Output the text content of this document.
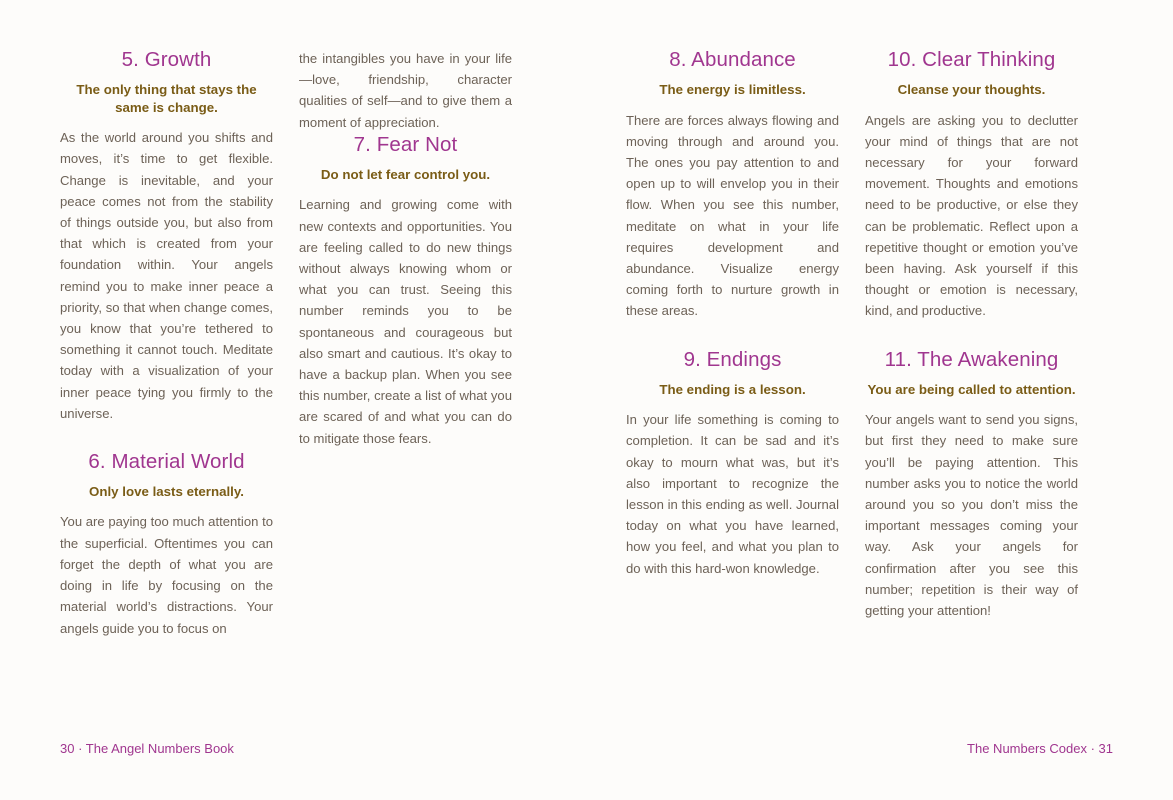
5. Growth
The only thing that stays the same is change.

As the world around you shifts and moves, it’s time to get flexible. Change is inevitable, and your peace comes not from the stability of things outside you, but also from that which is created from your foundation within. Your angels remind you to make inner peace a priority, so that when change comes, you know that you’re tethered to something it cannot touch. Meditate today with a visualization of your inner peace tying you firmly to the universe.

6. Material World
Only love lasts eternally.

You are paying too much attention to the superficial. Oftentimes you can forget the depth of what you are doing in life by focusing on the material world’s distractions. Your angels guide you to focus on

the intangibles you have in your life—love, friendship, character qualities of self—and to give them a moment of appreciation.

7. Fear Not
Do not let fear control you.

Learning and growing come with new contexts and opportunities. You are feeling called to do new things without always knowing whom or what you can trust. Seeing this number reminds you to be spontaneous and courageous but also smart and cautious. It’s okay to have a backup plan. When you see this number, create a list of what you are scared of and what you can do to mitigate those fears.

30 · The Angel Numbers Book
8. Abundance
The energy is limitless.

There are forces always flowing and moving through and around you. The ones you pay attention to and open up to will envelop you in their flow. When you see this number, meditate on what in your life requires development and abundance. Visualize energy coming forth to nurture growth in these areas.

9. Endings
The ending is a lesson.

In your life something is coming to completion. It can be sad and it’s okay to mourn what was, but it’s also important to recognize the lesson in this ending as well. Journal today on what you have learned, how you feel, and what you plan to do with this hard-won knowledge.

10. Clear Thinking
Cleanse your thoughts.

Angels are asking you to declutter your mind of things that are not necessary for your forward movement. Thoughts and emotions need to be productive, or else they can be problematic. Reflect upon a repetitive thought or emotion you’ve been having. Ask yourself if this thought or emotion is necessary, kind, and productive.

11. The Awakening
You are being called to attention.

Your angels want to send you signs, but first they need to make sure you’ll be paying attention. This number asks you to notice the world around you so you don’t miss the important messages coming your way. Ask your angels for confirmation after you see this number; repetition is their way of getting your attention!

The Numbers Codex · 31
